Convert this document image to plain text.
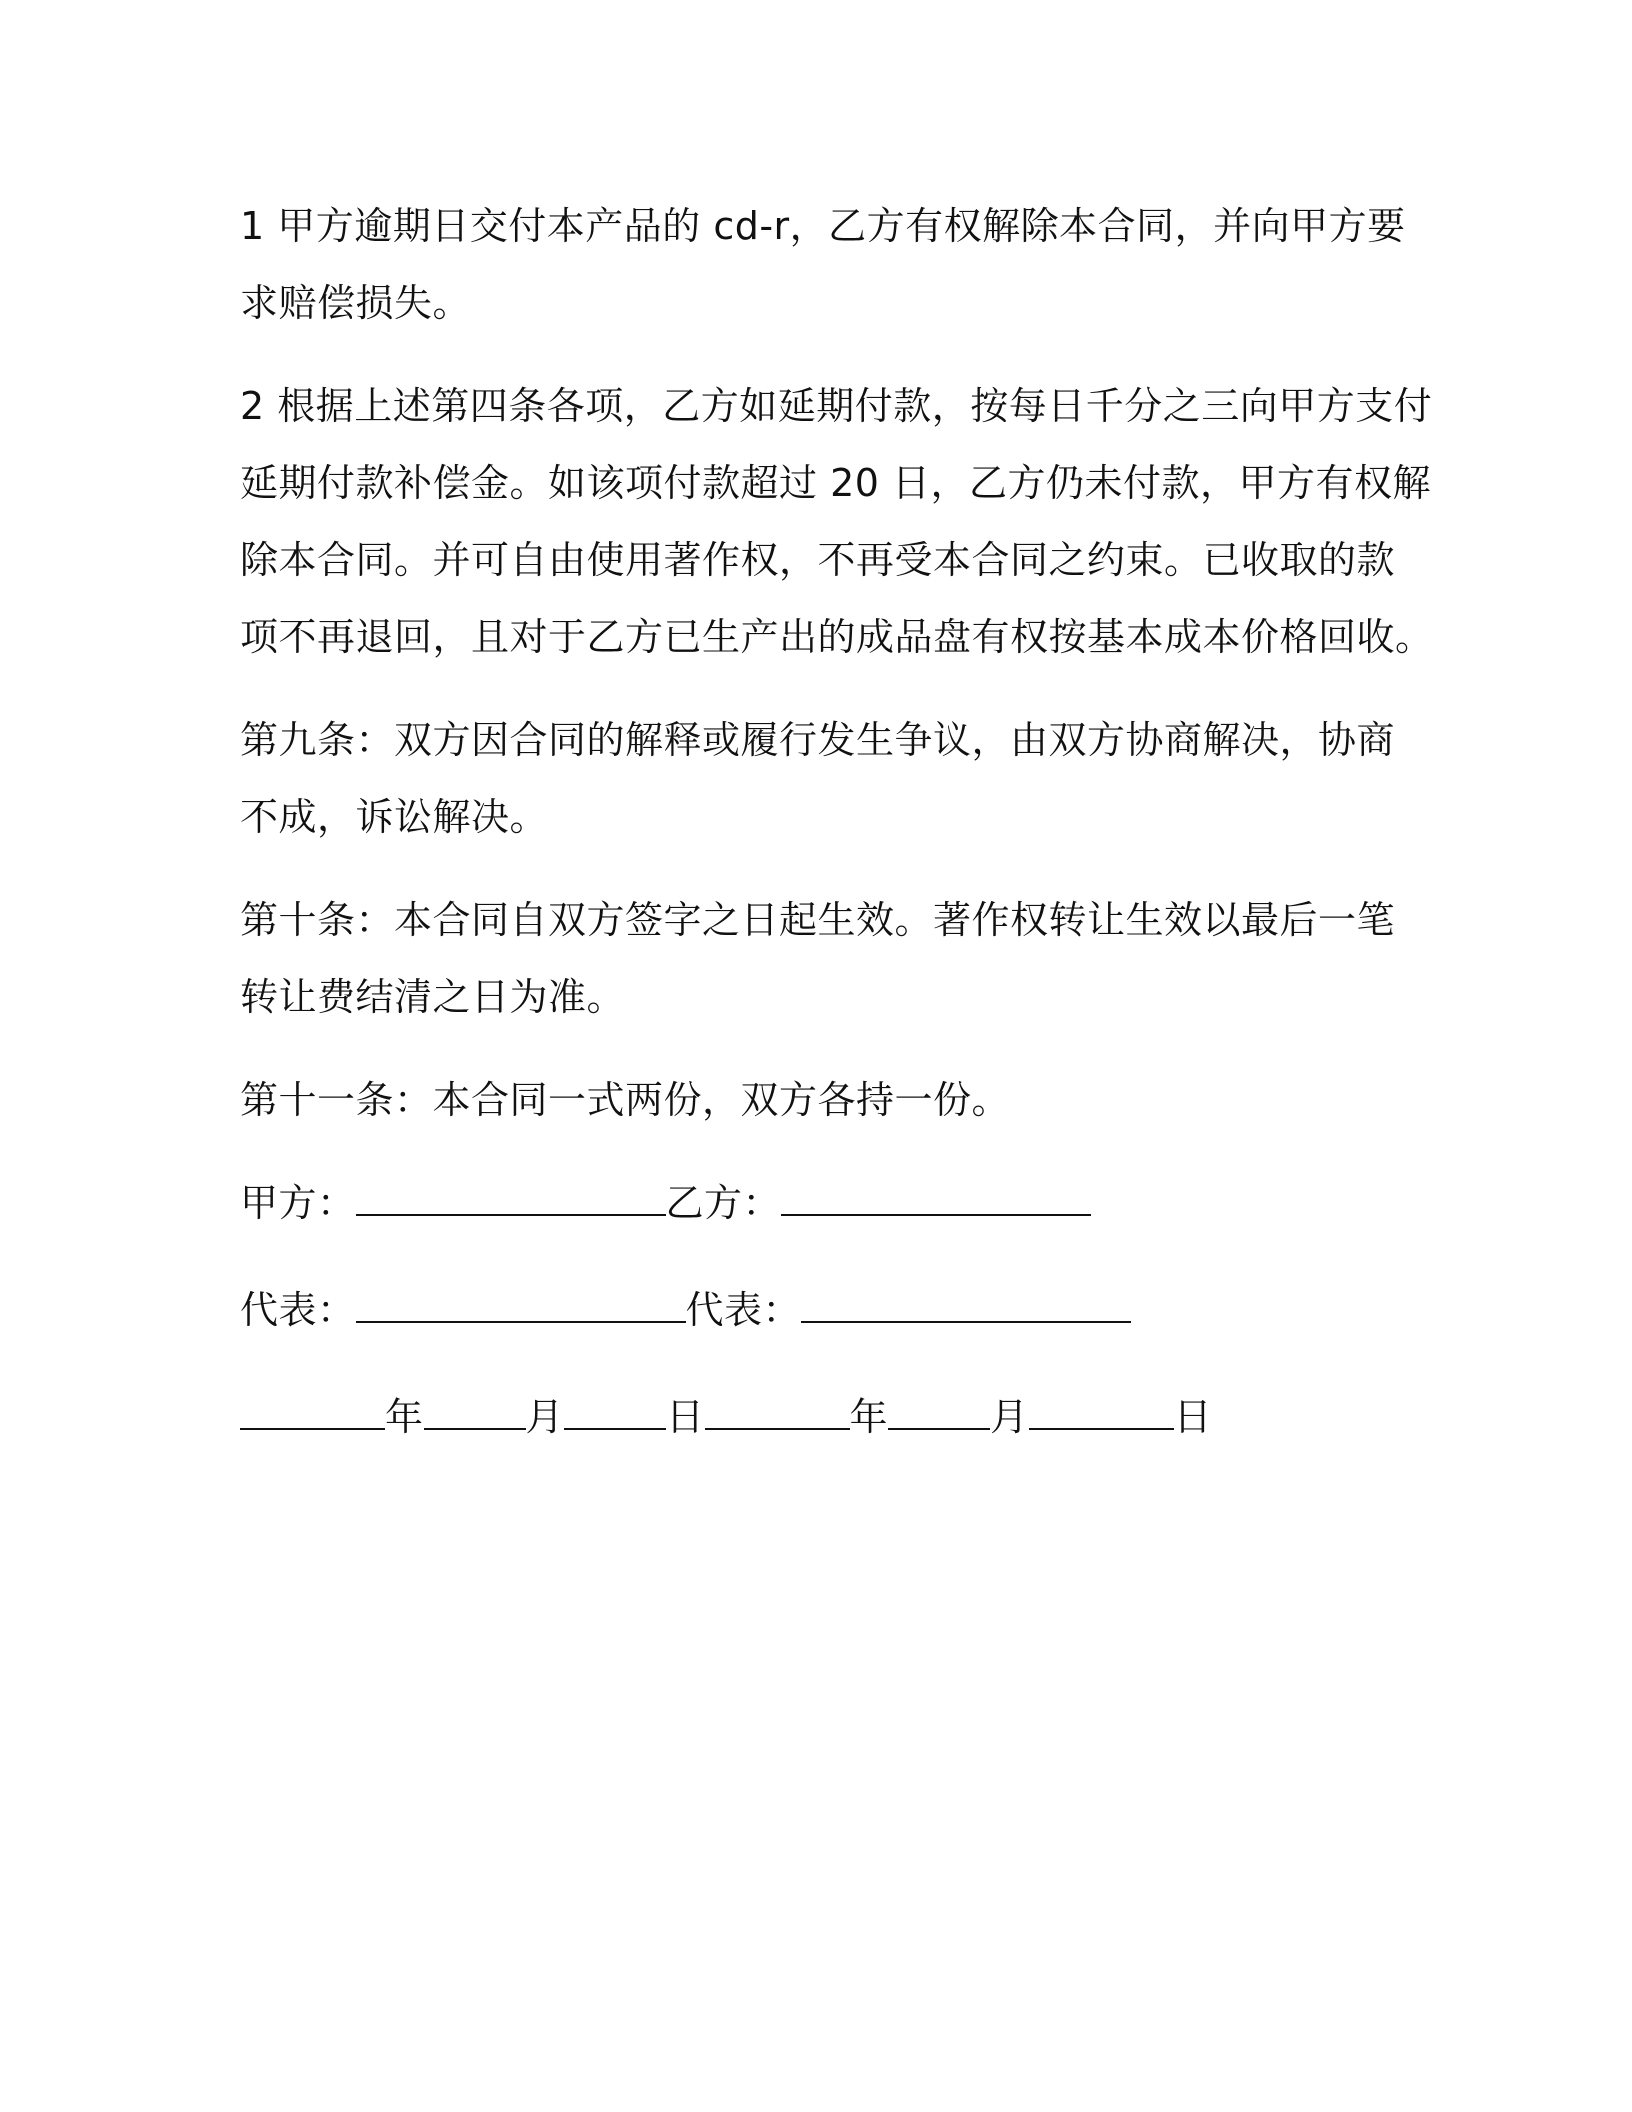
1 甲方逾期日交付本产品的 cd-r，乙方有权解除本合同，并向甲方要
求赔偿损失。
2 根据上述第四条各项，乙方如延期付款，按每日千分之三向甲方支付
延期付款补偿金。如该项付款超过 20 日，乙方仍未付款，甲方有权解
除本合同。并可自由使用著作权，不再受本合同之约束。已收取的款
项不再退回，且对于乙方已生产出的成品盘有权按基本成本价格回收。
第九条：双方因合同的解释或履行发生争议，由双方协商解决，协商
不成，诉讼解决。
第十条：本合同自双方签字之日起生效。著作权转让生效以最后一笔
转让费结清之日为准。
第十一条：本合同一式两份，双方各持一份。
甲方：	乙方：
代表：	代表：
年	月	日	年	月	日
